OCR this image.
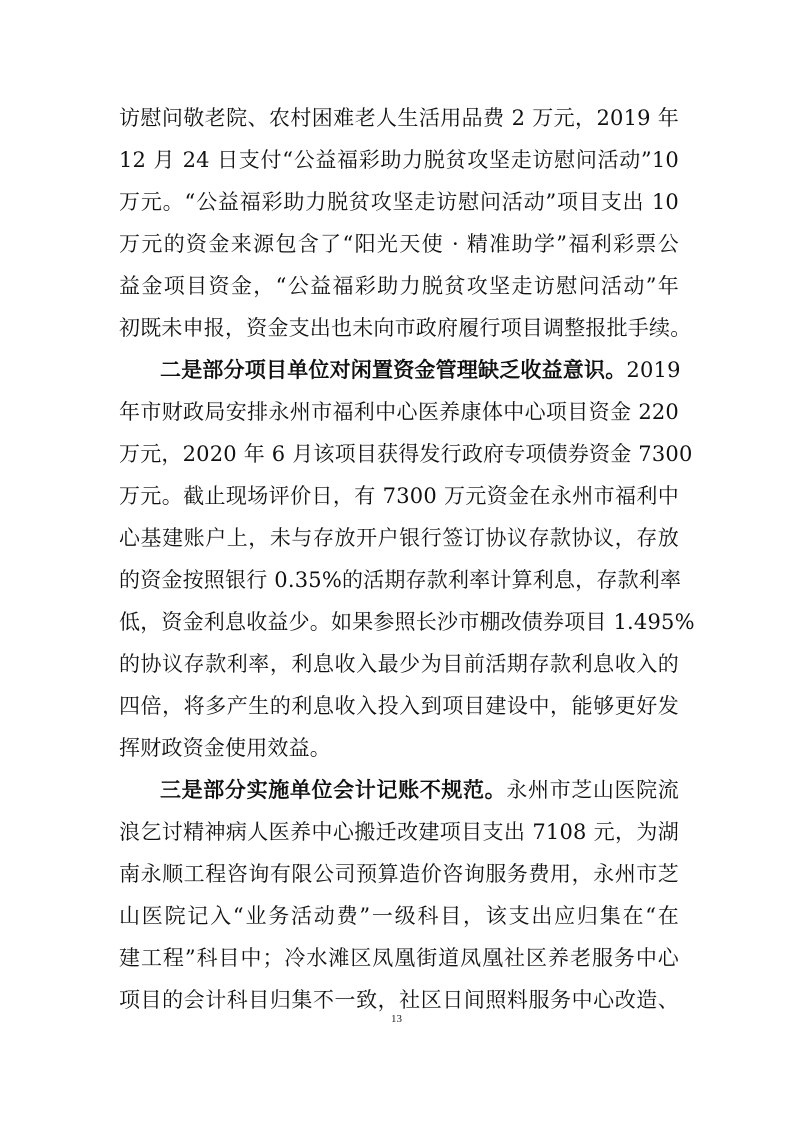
访慰问敬老院、农村困难老人生活用品费 2 万元，2019 年
12 月 24 日支付“公益福彩助力脱贫攻坚走访慰问活动”10
万元。“公益福彩助力脱贫攻坚走访慰问活动”项目支出 10
万元的资金来源包含了“阳光天使 · 精准助学”福利彩票公
益金项目资金，“公益福彩助力脱贫攻坚走访慰问活动”年
初既未申报，资金支出也未向市政府履行项目调整报批手续。
二是部分项目单位对闲置资金管理缺乏收益意识。2019
年市财政局安排永州市福利中心医养康体中心项目资金 220
万元，2020 年 6 月该项目获得发行政府专项债券资金 7300
万元。截止现场评价日，有 7300 万元资金在永州市福利中
心基建账户上，未与存放开户银行签订协议存款协议，存放
的资金按照银行 0.35%的活期存款利率计算利息，存款利率
低，资金利息收益少。如果参照长沙市棚改债券项目 1.495%
的协议存款利率，利息收入最少为目前活期存款利息收入的
四倍，将多产生的利息收入投入到项目建设中，能够更好发
挥财政资金使用效益。
三是部分实施单位会计记账不规范。永州市芝山医院流
浪乞讨精神病人医养中心搬迁改建项目支出 7108 元，为湖
南永顺工程咨询有限公司预算造价咨询服务费用，永州市芝
山医院记入“业务活动费”一级科目，该支出应归集在“在
建工程”科目中；冷水滩区凤凰街道凤凰社区养老服务中心
项目的会计科目归集不一致，社区日间照料服务中心改造、
13
